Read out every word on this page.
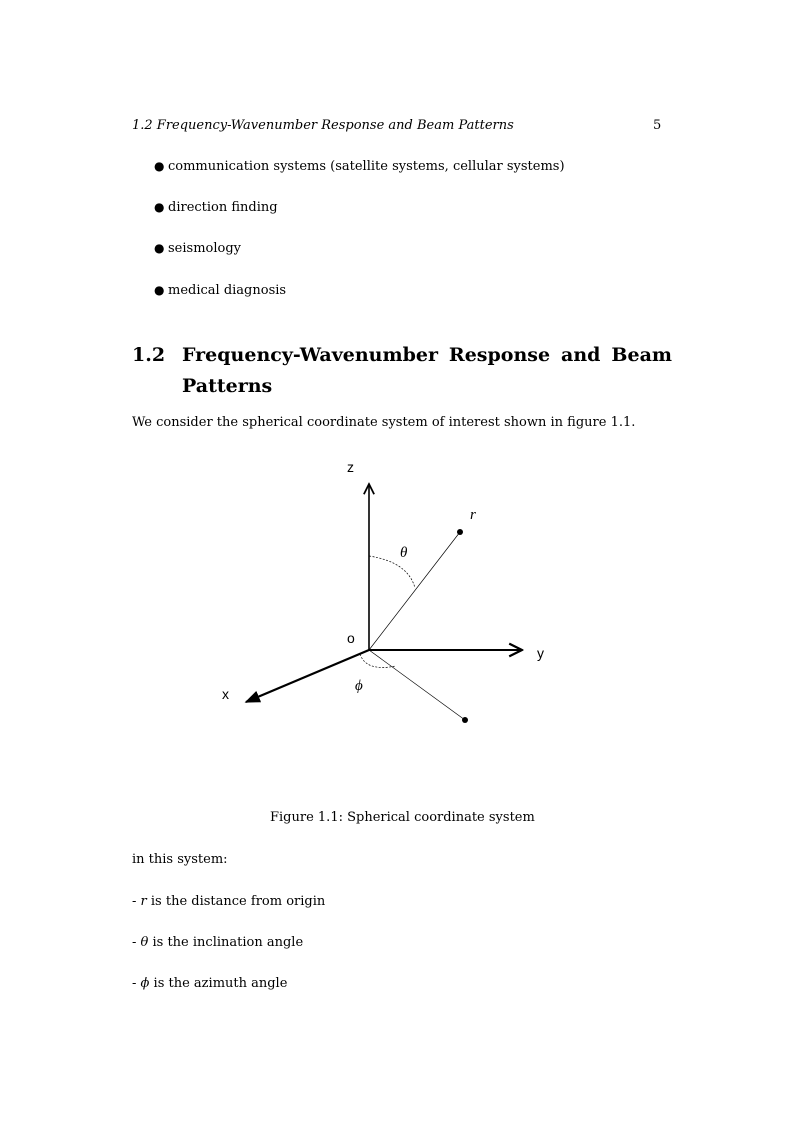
1.2 Frequency-Wavenumber Response and Beam Patterns	5
● communication systems (satellite systems, cellular systems)
● direction finding
● seismology
● medical diagnosis
1.2 Frequency-Wavenumber Response and Beam Patterns
We consider the spherical coordinate system of interest shown in figure 1.1.
z
y
x
o
r
θ
ϕ
Figure 1.1: Spherical coordinate system
in this system:
- r is the distance from origin
- θ is the inclination angle
- ϕ is the azimuth angle
